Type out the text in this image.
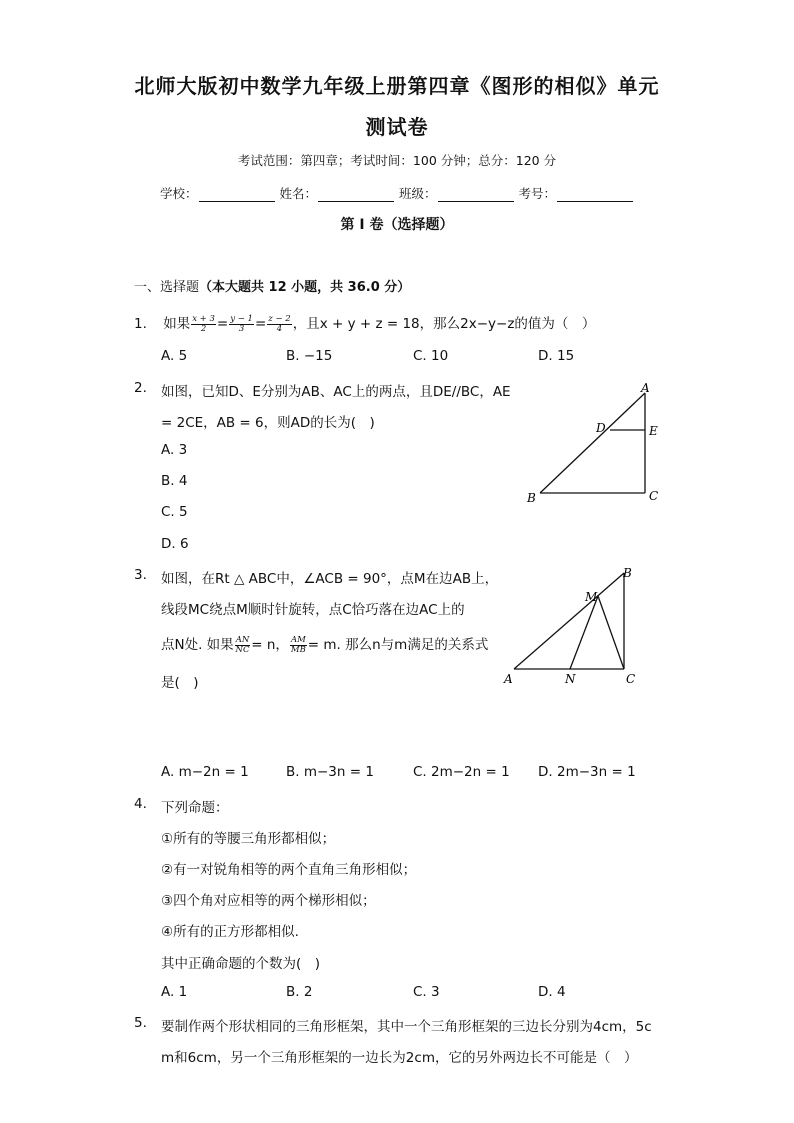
北师大版初中数学九年级上册第四章《图形的相似》单元
测试卷
考试范围：第四章；考试时间：100 分钟；总分：120 分
学校：	姓名：	班级：	考号：
第 I 卷（选择题）
一、选择题（本大题共 12 小题，共 36.0 分）
1. 如果 $\frac{x + 3}{2} = \frac{y - 1}{3} = \frac{z - 2}{4}$ ，且x + y + z = 18，那么2x−y−z的值为（　）
A. 5	B. −15	C. 10	D. 15
2. 如图，已知D、E分别为AB、AC上的两点，且DE//BC，AE
= 2CE，AB = 6，则AD的长为(　)
A. 3
B. 4
C. 5
D. 6
A
B	C
D	E
3. 如图，在Rt △ ABC中，∠ACB = 90°，点M在边AB上，
线段MC绕点M顺时针旋转，点C恰巧落在边AC上的
点N处. 如果 $\frac{AN}{NC} = n$， $\frac{AM}{MB} = m$. 那么n与m满足的关系式
是(　)	A
B
C
M
N
A. m−2n = 1	B. m−3n = 1	C. 2m−2n = 1 D. 2m−3n = 1
4. 下列命题：
①所有的等腰三角形都相似；
②有一对锐角相等的两个直角三角形相似；
③四个角对应相等的两个梯形相似；
④所有的正方形都相似.
其中正确命题的个数为(　)
A. 1	B. 2	C. 3	D. 4
5. 要制作两个形状相同的三角形框架，其中一个三角形框架的三边长分别为4cm，5c
m和6cm，另一个三角形框架的一边长为2cm，它的另外两边长不可能是（　）
